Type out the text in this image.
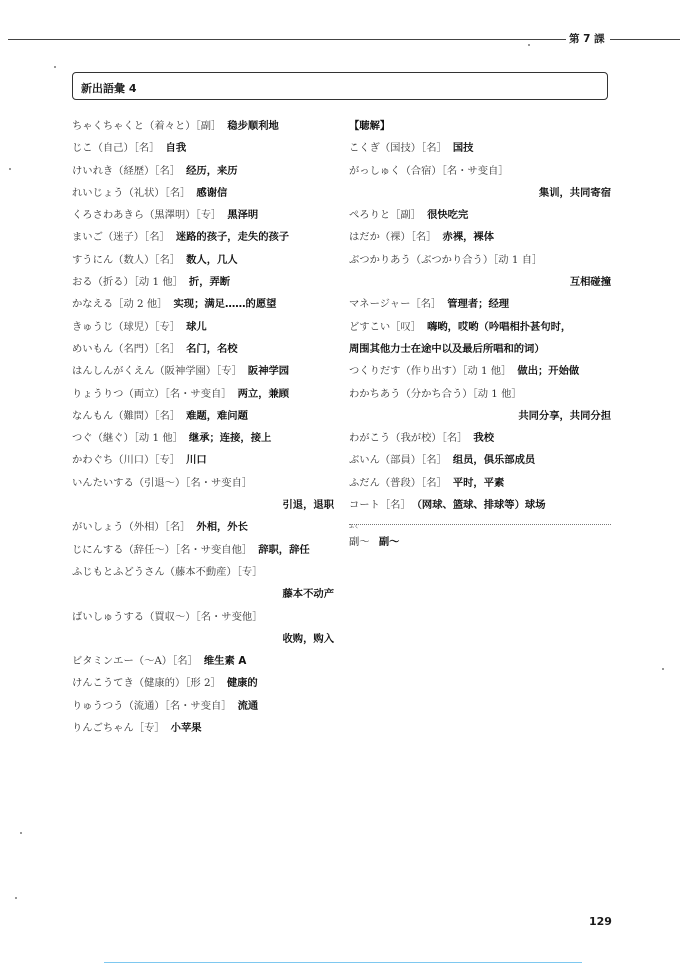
第 7 課
新出語彙 4
ちゃくちゃくと（着々と）［副］ 稳步顺利地
じこ（自己）［名］ 自我
けいれき（経歴）［名］ 经历，来历
れいじょう（礼状）［名］ 感谢信
くろさわあきら（黒澤明）［专］ 黑泽明
まいご（迷子）［名］ 迷路的孩子，走失的孩子
すうにん（数人）［名］ 数人，几人
おる（折る）［动 1 他］ 折，弄断
かなえる［动 2 他］ 实现；满足……的愿望
きゅうじ（球児）［专］ 球儿
めいもん（名門）［名］ 名门，名校
はんしんがくえん（阪神学園）［专］ 阪神学园
りょうりつ（両立）［名・サ变自］ 两立，兼顾
なんもん（難問）［名］ 难题，难问题
つぐ（継ぐ）［动 1 他］ 继承；连接，接上
かわぐち（川口）［专］ 川口
いんたいする（引退〜）［名・サ变自］
引退，退职
がいしょう（外相）［名］ 外相，外长
じにんする（辞任〜）［名・サ变自他］ 辞职，辞任
ふじもとふどうさん（藤本不動産）［专］
藤本不动产
ばいしゅうする（買収〜）［名・サ变他］
收购，购入
ビタミンエー（〜A）［名］ 维生素 A
けんこうてき（健康的）［形 2］ 健康的
りゅうつう（流通）［名・サ变自］ 流通
りんごちゃん［专］ 小苹果
【聴解】
こくぎ（国技）［名］ 国技
がっしゅく（合宿）［名・サ变自］
集训，共同寄宿
ぺろりと［副］ 很快吃完
はだか（裸）［名］ 赤裸，裸体
ぶつかりあう（ぶつかり合う）［动 1 自］
互相碰撞
マネージャー［名］ 管理者；经理
どすこい［叹］ 嗨哟，哎哟（吟唱相扑甚句时，
周围其他力士在途中以及最后所唱和的词）
つくりだす（作り出す）［动 1 他］ 做出；开始做
わかちあう（分かち合う）［动 1 他］
共同分享，共同分担
わがこう（我が校）［名］ 我校
ぶいん（部員）［名］ 组员，俱乐部成员
ふだん（普段）［名］ 平时，平素
コート［名］ （网球、篮球、排球等）球场
ふく
副〜 副〜
129
